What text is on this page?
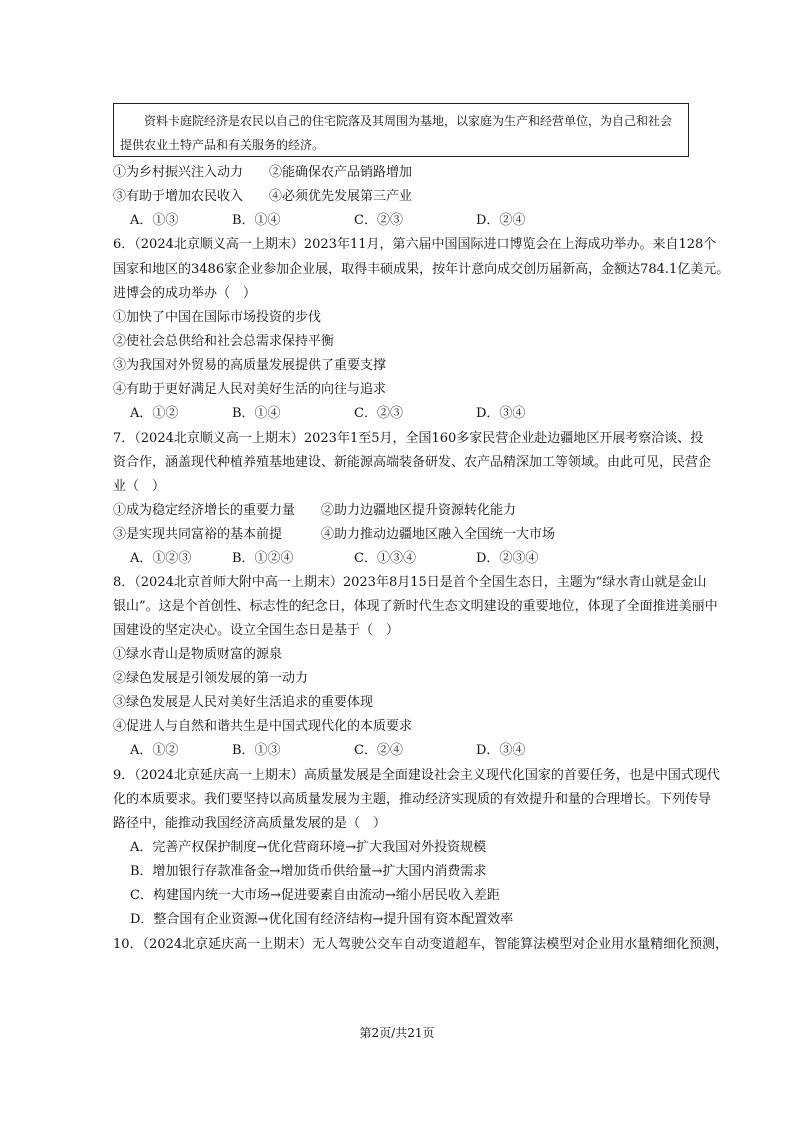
资料卡庭院经济是农民以自己的住宅院落及其周围为基地，以家庭为生产和经营单位，为自己和社会
提供农业土特产品和有关服务的经济。
①为乡村振兴注入动力　　②能确保农产品销路增加
③有助于增加农民收入　　④必须优先发展第三产业
A．①③	B．①④	C．②③	D．②④
6．（2024北京顺义高一上期末）2023年11月，第六届中国国际进口博览会在上海成功举办。来自128个
国家和地区的3486家企业参加企业展，取得丰硕成果，按年计意向成交创历届新高，金额达784.1亿美元。
进博会的成功举办（　）
①加快了中国在国际市场投资的步伐
②使社会总供给和社会总需求保持平衡
③为我国对外贸易的高质量发展提供了重要支撑
④有助于更好满足人民对美好生活的向往与追求
A．①②	B．①④	C．②③	D．③④
7．（2024北京顺义高一上期末）2023年1至5月，全国160多家民营企业赴边疆地区开展考察洽谈、投
资合作，涵盖现代种植养殖基地建设、新能源高端装备研发、农产品精深加工等领域。由此可见，民营企
业（　）
①成为稳定经济增长的重要力量　　②助力边疆地区提升资源转化能力
③是实现共同富裕的基本前提　　　④助力推动边疆地区融入全国统一大市场
A．①②③	B．①②④	C．①③④	D．②③④
8．（2024北京首师大附中高一上期末）2023年8月15日是首个全国生态日，主题为“绿水青山就是金山
银山”。这是个首创性、标志性的纪念日，体现了新时代生态文明建设的重要地位，体现了全面推进美丽中
国建设的坚定决心。设立全国生态日是基于（　）
①绿水青山是物质财富的源泉
②绿色发展是引领发展的第一动力
③绿色发展是人民对美好生活追求的重要体现
④促进人与自然和谐共生是中国式现代化的本质要求
A．①②	B．①③	C．②④	D．③④
9．（2024北京延庆高一上期末）高质量发展是全面建设社会主义现代化国家的首要任务，也是中国式现代
化的本质要求。我们要坚持以高质量发展为主题，推动经济实现质的有效提升和量的合理增长。下列传导
路径中，能推动我国经济高质量发展的是（　）
A．完善产权保护制度→优化营商环境→扩大我国对外投资规模
B．增加银行存款准备金→增加货币供给量→扩大国内消费需求
C．构建国内统一大市场→促进要素自由流动→缩小居民收入差距
D．整合国有企业资源→优化国有经济结构→提升国有资本配置效率
10．（2024北京延庆高一上期末）无人驾驶公交车自动变道超车，智能算法模型对企业用水量精细化预测，
第2页/共21页
